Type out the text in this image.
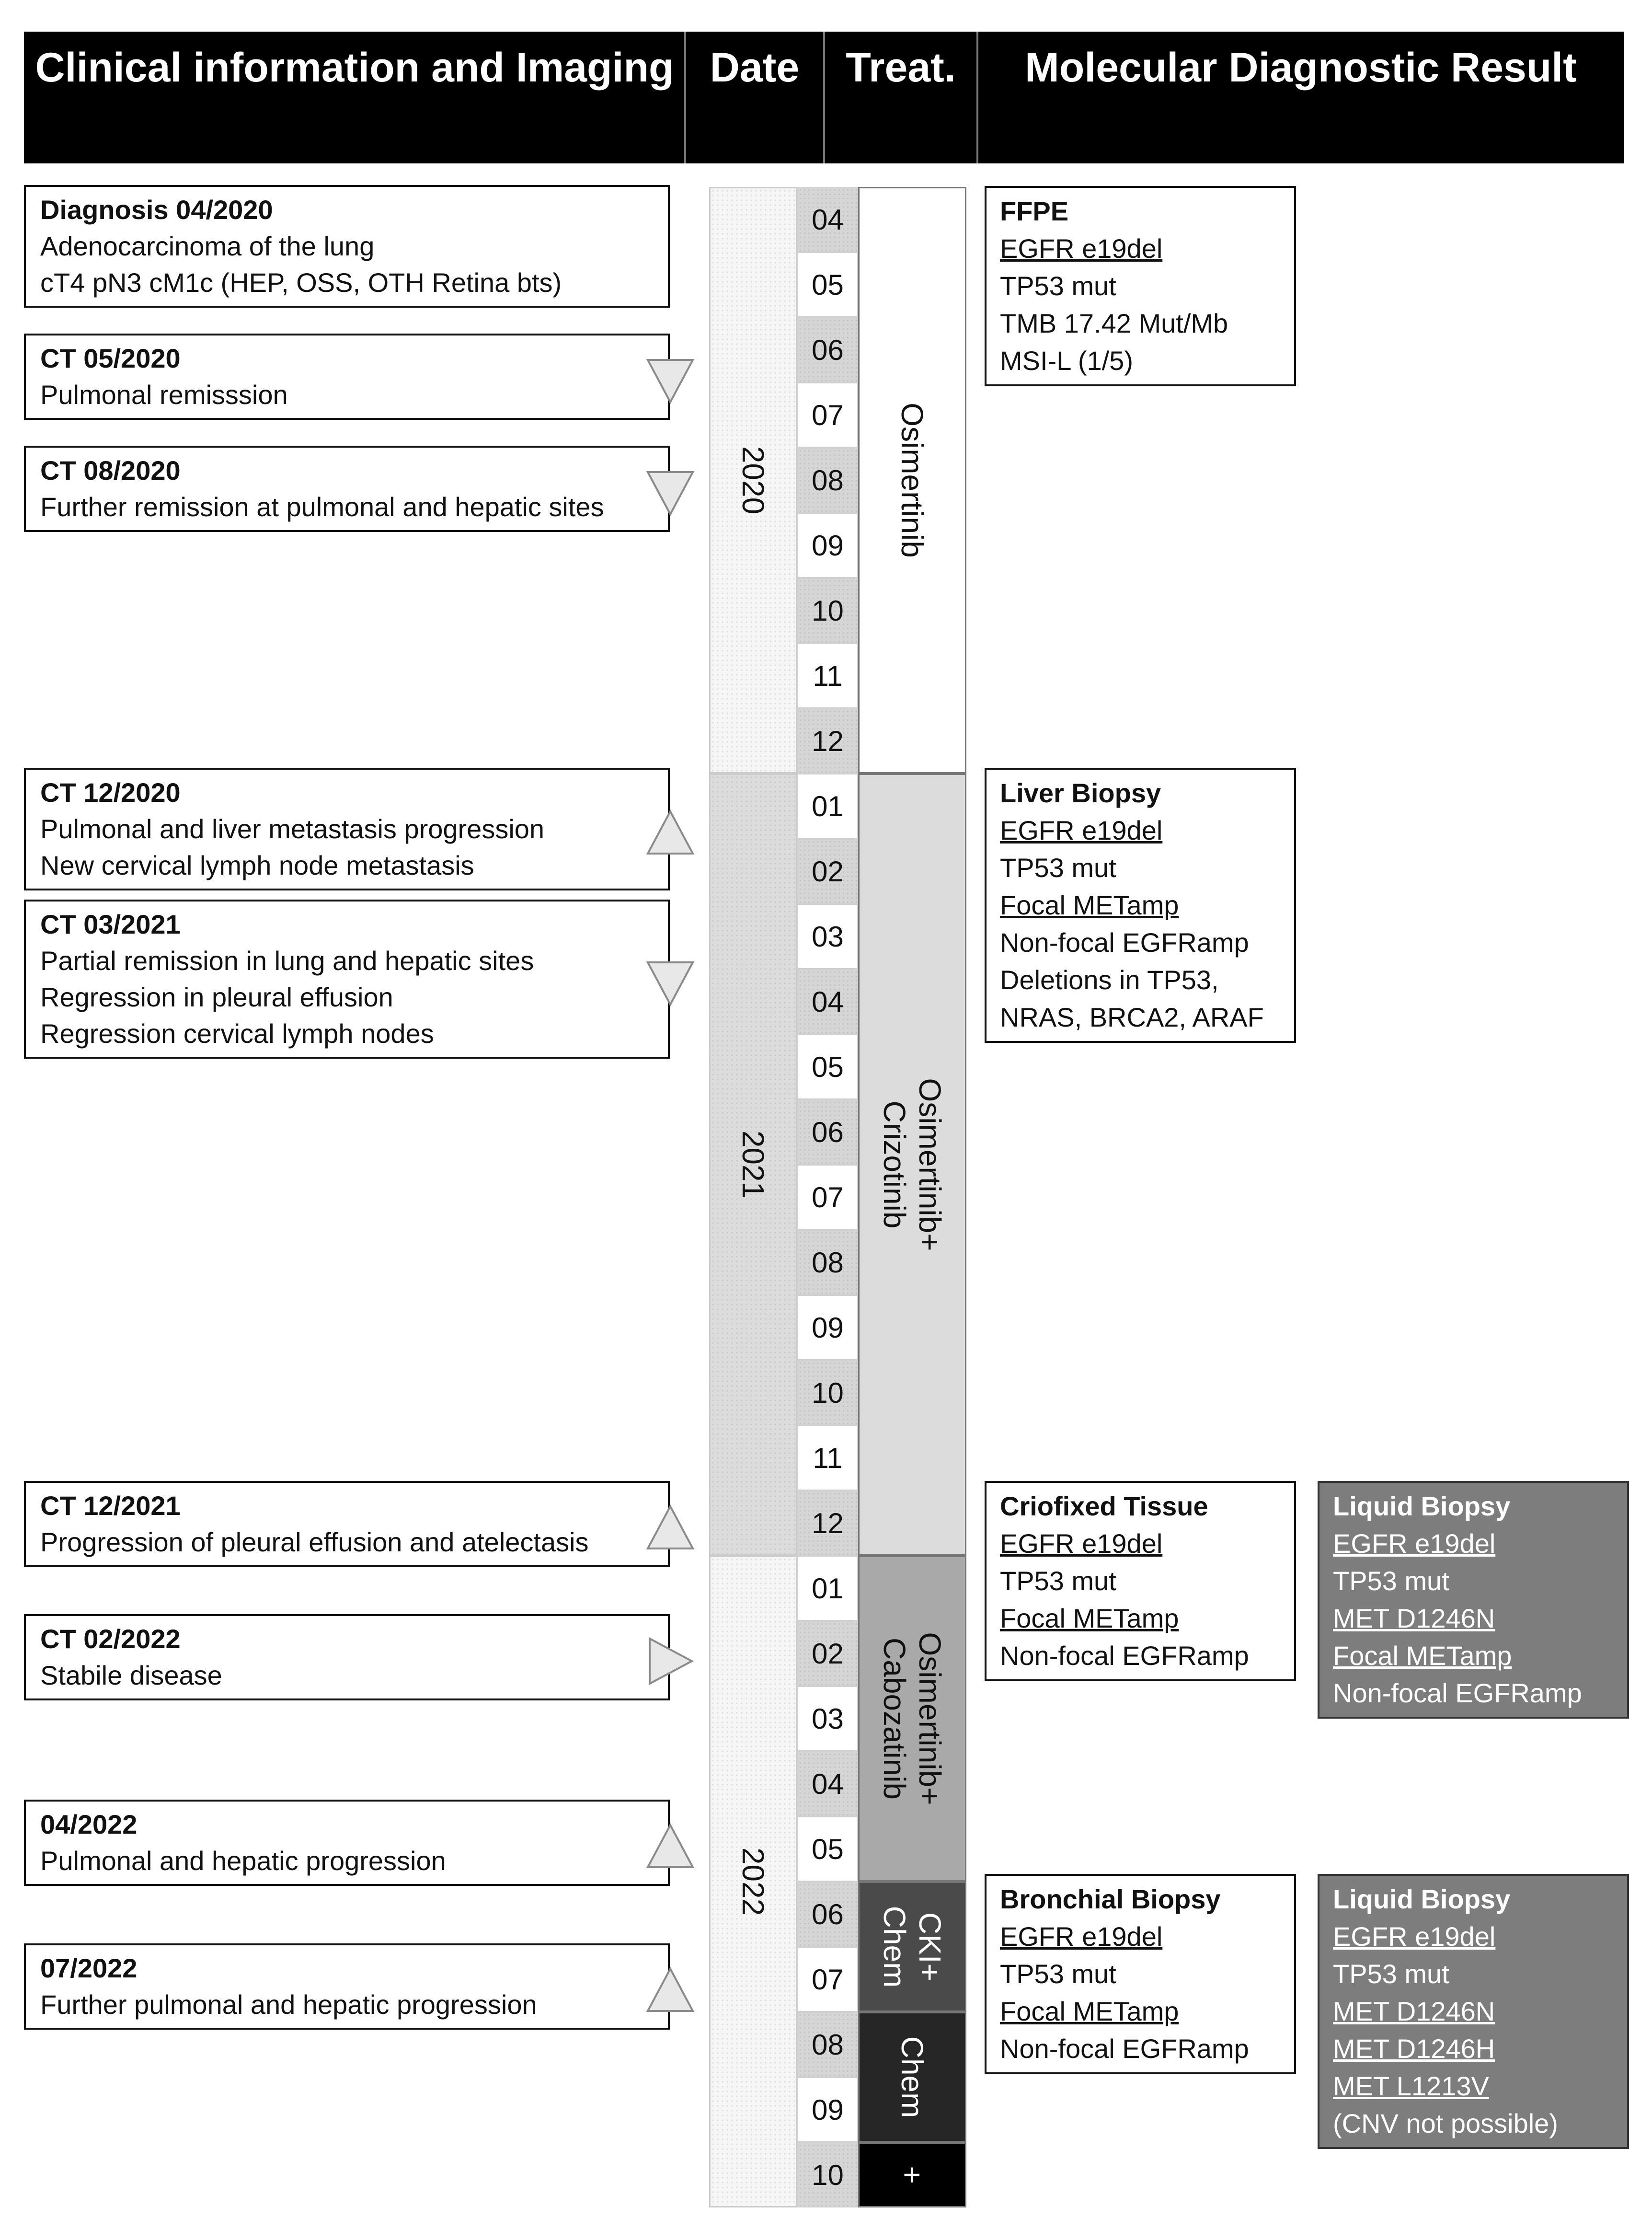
Clinical information and Imaging Date Treat. Molecular Diagnostic Result
2020
04
05
06
07
08
09
10
11
12
2021
01
02
03
04
05
06
07
08
09
10
11
12
2022
01
02
03
04
05
06
07
08
09
10
Osimertinib
Osimertinib+
Crizotinib
Osimertinib+
Cabozatinib
CKI+
Chem
Chem
+
Diagnosis 04/2020
Adenocarcinoma of the lung
cT4 pN3 cM1c (HEP, OSS, OTH Retina bts)
CT 05/2020
Pulmonal remisssion
CT 08/2020
Further remission at pulmonal and hepatic sites
CT 12/2020
Pulmonal and liver metastasis progression
New cervical lymph node metastasis
CT 03/2021
Partial remission in lung and hepatic sites
Regression in pleural effusion
Regression cervical lymph nodes
CT 12/2021
Progression of pleural effusion and atelectasis
CT 02/2022
Stabile disease
04/2022
Pulmonal and hepatic progression
07/2022
Further pulmonal and hepatic progression
FFPE
EGFR e19del
TP53 mut
TMB 17.42 Mut/Mb
MSI-L (1/5)
Liver Biopsy
EGFR e19del
TP53 mut
Focal METamp
Non-focal EGFRamp
Deletions in TP53,
NRAS, BRCA2, ARAF
Criofixed Tissue
EGFR e19del
TP53 mut
Focal METamp
Non-focal EGFRamp
Liquid Biopsy
EGFR e19del
TP53 mut
MET D1246N
Focal METamp
Non-focal EGFRamp
Bronchial Biopsy
EGFR e19del
TP53 mut
Focal METamp
Non-focal EGFRamp
Liquid Biopsy
EGFR e19del
TP53 mut
MET D1246N
MET D1246H
MET L1213V
(CNV not possible)
